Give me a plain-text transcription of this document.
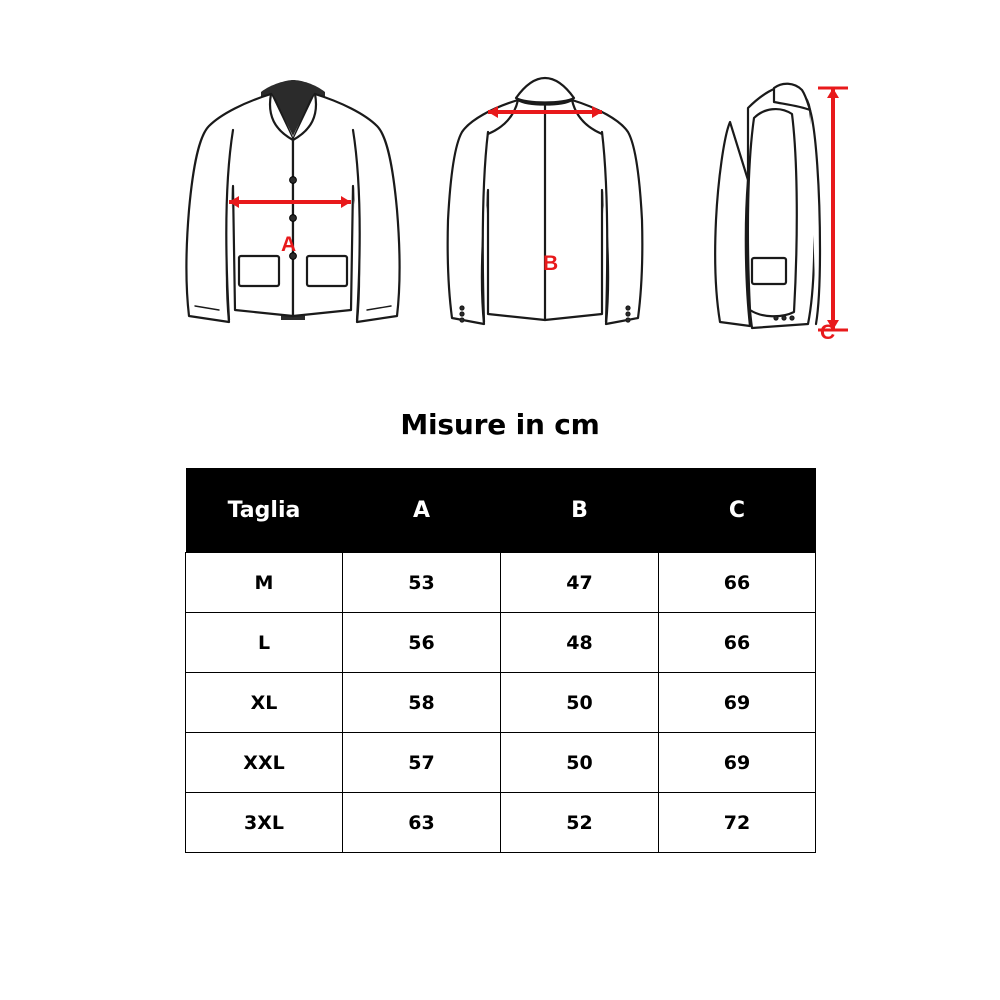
A
B
C
Misure in cm
Taglia	A	B	C
M	53	47	66
L	56	48	66
XL	58	50	69
XXL	57	50	69
3XL	63	52	72
